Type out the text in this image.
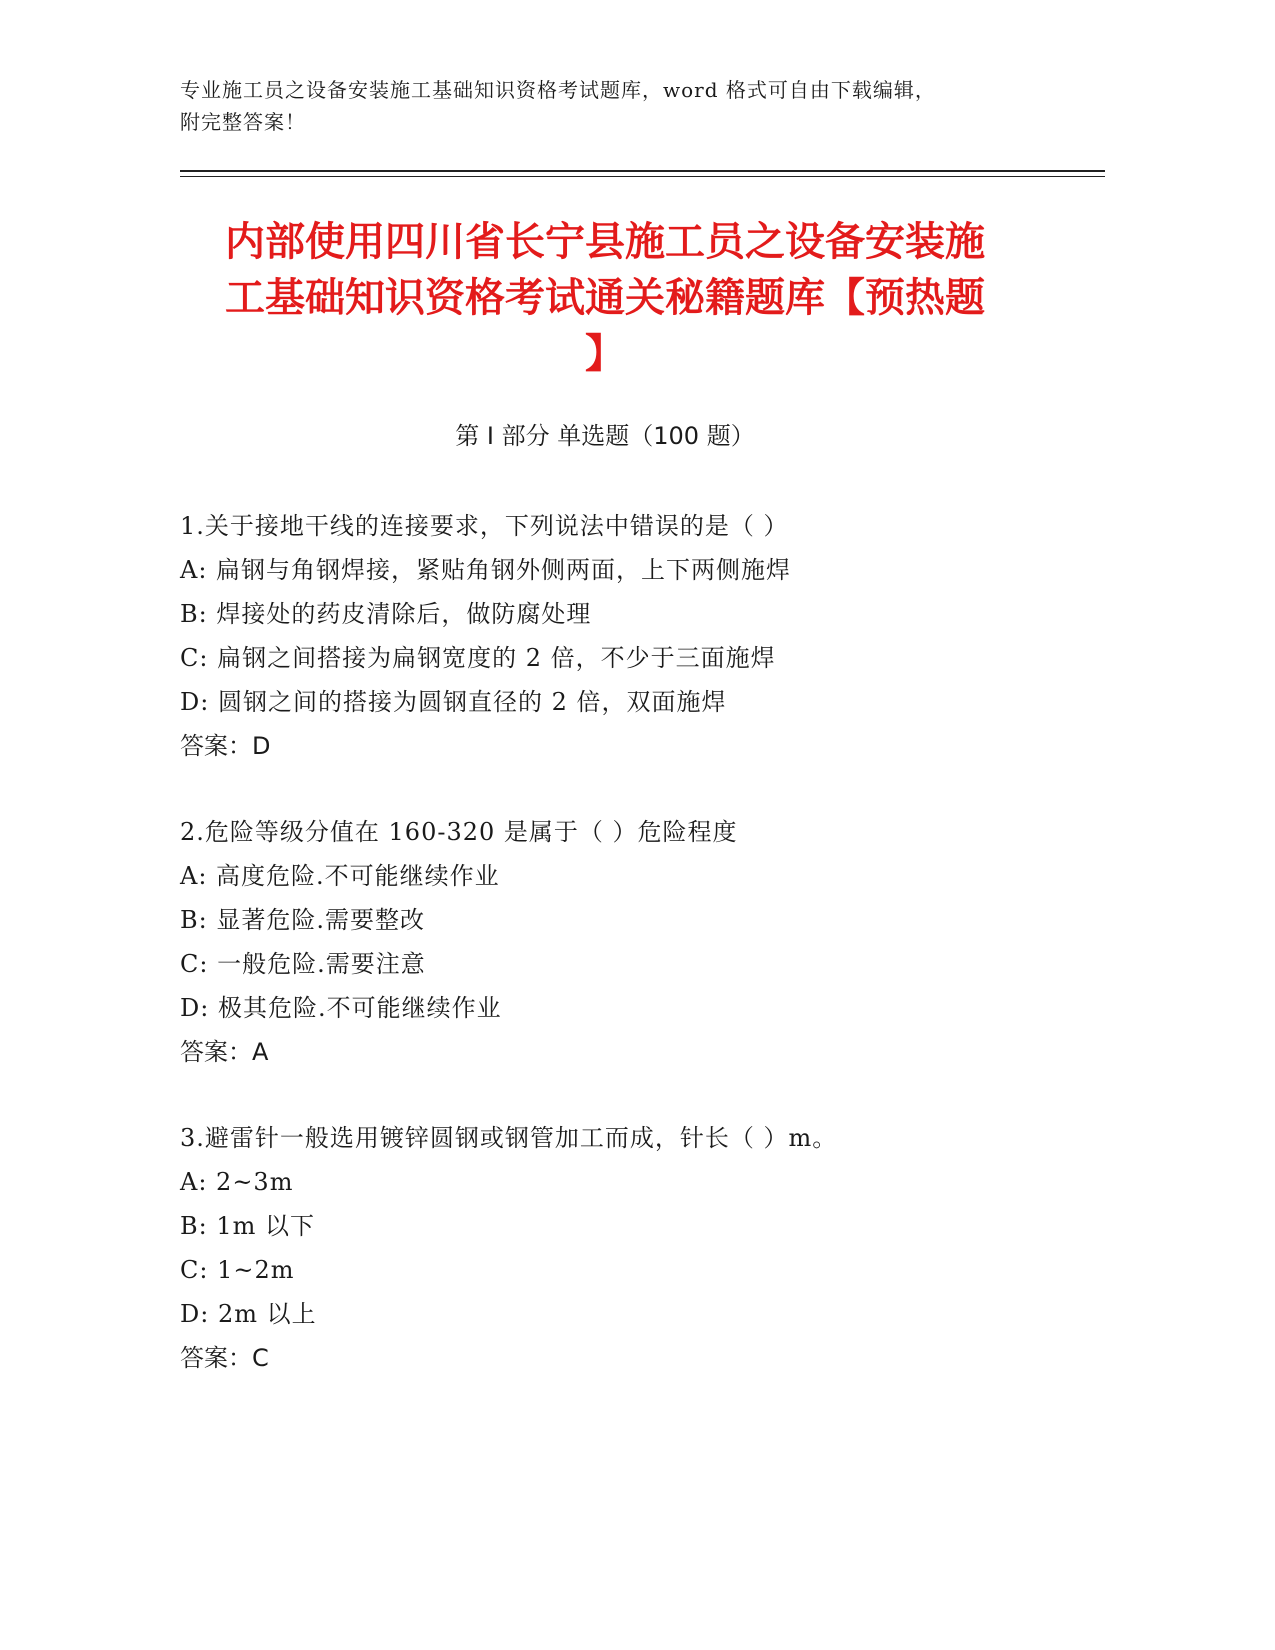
专业施工员之设备安装施工基础知识资格考试题库，word 格式可自由下载编辑，
附完整答案！
内部使用四川省长宁县施工员之设备安装施
工基础知识资格考试通关秘籍题库【预热题
】
第 I 部分 单选题（100 题）
1.关于接地干线的连接要求，下列说法中错误的是（ ）
A: 扁钢与角钢焊接，紧贴角钢外侧两面，上下两侧施焊
B: 焊接处的药皮清除后，做防腐处理
C: 扁钢之间搭接为扁钢宽度的 2 倍，不少于三面施焊
D: 圆钢之间的搭接为圆钢直径的 2 倍，双面施焊
答案：D
2.危险等级分值在 160-320 是属于（ ）危险程度
A: 高度危险.不可能继续作业
B: 显著危险.需要整改
C: 一般危险.需要注意
D: 极其危险.不可能继续作业
答案：A
3.避雷针一般选用镀锌圆钢或钢管加工而成，针长（ ）m。
A: 2~3m
B: 1m 以下
C: 1~2m
D: 2m 以上
答案：C
